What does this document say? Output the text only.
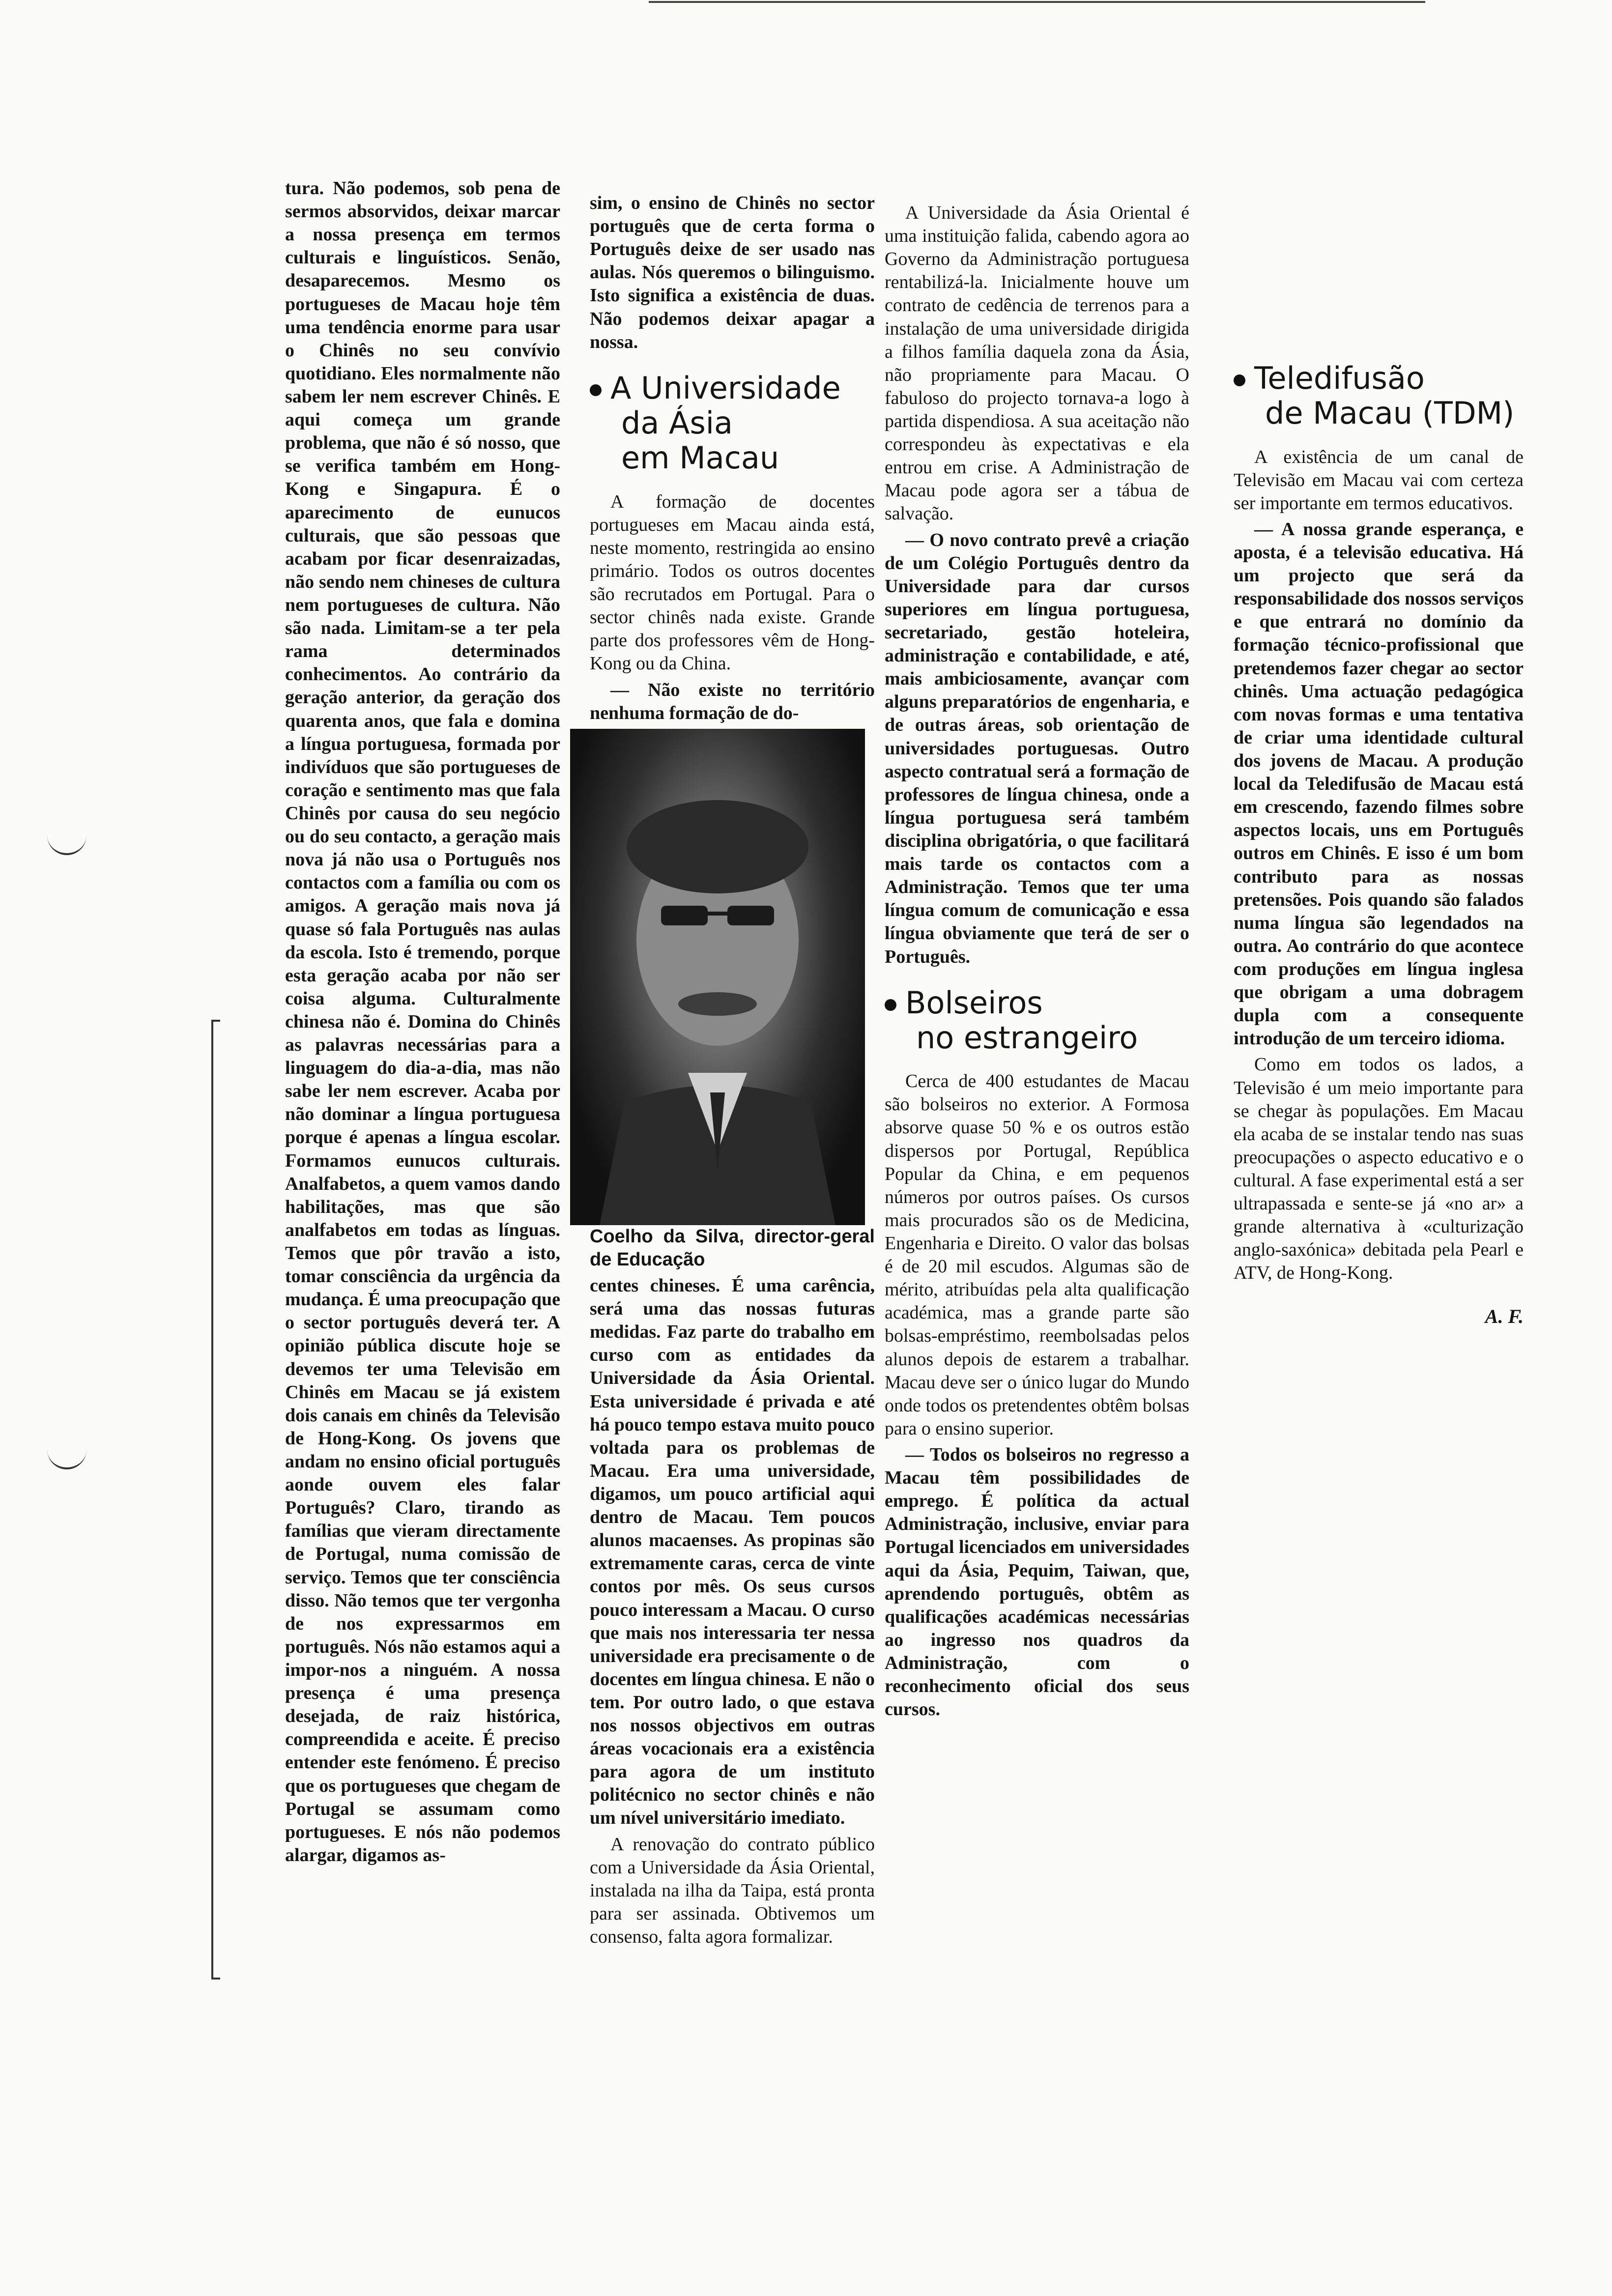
tura. Não podemos, sob pena de sermos absorvidos, deixar marcar a nossa presença em termos culturais e linguísticos. Senão, desaparecemos. Mesmo os portugueses de Macau hoje têm uma tendência enorme para usar o Chinês no seu convívio quotidiano. Eles normalmente não sabem ler nem escrever Chinês. E aqui começa um grande problema, que não é só nosso, que se verifica também em Hong-Kong e Singapura. É o aparecimento de eunucos culturais, que são pessoas que acabam por ficar desenraizadas, não sendo nem chineses de cultura nem portugueses de cultura. Não são nada. Limitam-se a ter pela rama determinados conhecimentos. Ao contrário da geração anterior, da geração dos quarenta anos, que fala e domina a língua portuguesa, formada por indivíduos que são portugueses de coração e sentimento mas que fala Chinês por causa do seu negócio ou do seu contacto, a geração mais nova já não usa o Português nos contactos com a família ou com os amigos. A geração mais nova já quase só fala Português nas aulas da escola. Isto é tremendo, porque esta geração acaba por não ser coisa alguma. Culturalmente chinesa não é. Domina do Chinês as palavras necessárias para a linguagem do dia-a-dia, mas não sabe ler nem escrever. Acaba por não dominar a língua portuguesa porque é apenas a língua escolar. Formamos eunucos culturais. Analfabetos, a quem vamos dando habilitações, mas que são analfabetos em todas as línguas. Temos que pôr travão a isto, tomar consciência da urgência da mudança. É uma preocupação que o sector português deverá ter. A opinião pública discute hoje se devemos ter uma Televisão em Chinês em Macau se já existem dois canais em chinês da Televisão de Hong-Kong. Os jovens que andam no ensino oficial português aonde ouvem eles falar Português? Claro, tirando as famílias que vieram directamente de Portugal, numa comissão de serviço. Temos que ter consciência disso. Não temos que ter vergonha de nos expressarmos em português. Nós não estamos aqui a impor-nos a ninguém. A nossa presença é uma presença desejada, de raiz histórica, compreendida e aceite. É preciso entender este fenómeno. É preciso que os portugueses que chegam de Portugal se assumam como portugueses. E nós não podemos alargar, digamos as-

sim, o ensino de Chinês no sector português que de certa forma o Português deixe de ser usado nas aulas. Nós queremos o bilinguismo. Isto significa a existência de duas. Não podemos deixar apagar a nossa.

A Universidade
da Ásia
em Macau

A formação de docentes portugueses em Macau ainda está, neste momento, restringida ao ensino primário. Todos os outros docentes são recrutados em Portugal. Para o sector chinês nada existe. Grande parte dos professores vêm de Hong-Kong ou da China.

— Não existe no território nenhuma formação de do-

Coelho da Silva, director-geral de Educação

centes chineses. É uma carência, será uma das nossas futuras medidas. Faz parte do trabalho em curso com as entidades da Universidade da Ásia Oriental. Esta universidade é privada e até há pouco tempo estava muito pouco voltada para os problemas de Macau. Era uma universidade, digamos, um pouco artificial aqui dentro de Macau. Tem poucos alunos macaenses. As propinas são extremamente caras, cerca de vinte contos por mês. Os seus cursos pouco interessam a Macau. O curso que mais nos interessaria ter nessa universidade era precisamente o de docentes em língua chinesa. E não o tem. Por outro lado, o que estava nos nossos objectivos em outras áreas vocacionais era a existência para agora de um instituto politécnico no sector chinês e não um nível universitário imediato.

A renovação do contrato público com a Universidade da Ásia Oriental, instalada na ilha da Taipa, está pronta para ser assinada. Obtivemos um consenso, falta agora formalizar.

A Universidade da Ásia Oriental é uma instituição falida, cabendo agora ao Governo da Administração portuguesa rentabilizá-la. Inicialmente houve um contrato de cedência de terrenos para a instalação de uma universidade dirigida a filhos família daquela zona da Ásia, não propriamente para Macau. O fabuloso do projecto tornava-a logo à partida dispendiosa. A sua aceitação não correspondeu às expectativas e ela entrou em crise. A Administração de Macau pode agora ser a tábua de salvação.

— O novo contrato prevê a criação de um Colégio Português dentro da Universidade para dar cursos superiores em língua portuguesa, secretariado, gestão hoteleira, administração e contabilidade, e até, mais ambiciosamente, avançar com alguns preparatórios de engenharia, e de outras áreas, sob orientação de universidades portuguesas. Outro aspecto contratual será a formação de professores de língua chinesa, onde a língua portuguesa será também disciplina obrigatória, o que facilitará mais tarde os contactos com a Administração. Temos que ter uma língua comum de comunicação e essa língua obviamente que terá de ser o Português.

Bolseiros
no estrangeiro

Cerca de 400 estudantes de Macau são bolseiros no exterior. A Formosa absorve quase 50 % e os outros estão dispersos por Portugal, República Popular da China, e em pequenos números por outros países. Os cursos mais procurados são os de Medicina, Engenharia e Direito. O valor das bolsas é de 20 mil escudos. Algumas são de mérito, atribuídas pela alta qualificação académica, mas a grande parte são bolsas-empréstimo, reembolsadas pelos alunos depois de estarem a trabalhar. Macau deve ser o único lugar do Mundo onde todos os pretendentes obtêm bolsas para o ensino superior.

— Todos os bolseiros no regresso a Macau têm possibilidades de emprego. É política da actual Administração, inclusive, enviar para Portugal licenciados em universidades aqui da Ásia, Pequim, Taiwan, que, aprendendo português, obtêm as qualificações académicas necessárias ao ingresso nos quadros da Administração, com o reconhecimento oficial dos seus cursos.

Teledifusão
de Macau (TDM)

A existência de um canal de Televisão em Macau vai com certeza ser importante em termos educativos.

— A nossa grande esperança, e aposta, é a televisão educativa. Há um projecto que será da responsabilidade dos nossos serviços e que entrará no domínio da formação técnico-profissional que pretendemos fazer chegar ao sector chinês. Uma actuação pedagógica com novas formas e uma tentativa de criar uma identidade cultural dos jovens de Macau. A produção local da Teledifusão de Macau está em crescendo, fazendo filmes sobre aspectos locais, uns em Português outros em Chinês. E isso é um bom contributo para as nossas pretensões. Pois quando são falados numa língua são legendados na outra. Ao contrário do que acontece com produções em língua inglesa que obrigam a uma dobragem dupla com a consequente introdução de um terceiro idioma.

Como em todos os lados, a Televisão é um meio importante para se chegar às populações. Em Macau ela acaba de se instalar tendo nas suas preocupações o aspecto educativo e o cultural. A fase experimental está a ser ultrapassada e sente-se já «no ar» a grande alternativa à «culturização anglo-saxónica» debitada pela Pearl e ATV, de Hong-Kong.

A. F.
